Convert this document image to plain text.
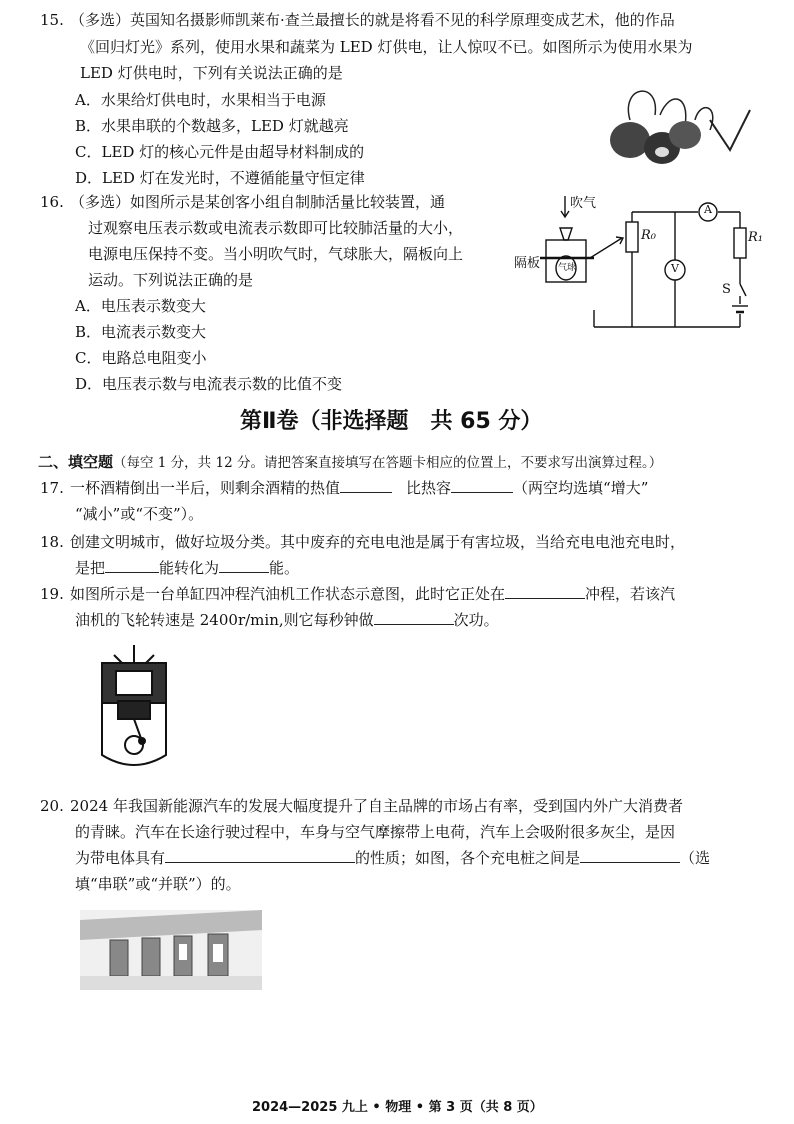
15. （多选）英国知名摄影师凯莱布·查兰最擅长的就是将看不见的科学原理变成艺术，他的作品
《回归灯光》系列，使用水果和蔬菜为 LED 灯供电，让人惊叹不已。如图所示为使用水果为
LED 灯供电时，下列有关说法正确的是
A．水果给灯供电时，水果相当于电源
B．水果串联的个数越多，LED 灯就越亮
C．LED 灯的核心元件是由超导材料制成的
D．LED 灯在发光时，不遵循能量守恒定律
16. （多选）如图所示是某创客小组自制肺活量比较装置，通
过观察电压表示数或电流表示数即可比较肺活量的大小，
电源电压保持不变。当小明吹气时，气球胀大，隔板向上
运动。下列说法正确的是
A．电压表示数变大
B．电流表示数变大
C．电路总电阻变小
D．电压表示数与电流表示数的比值不变
吹气
隔板 气球
R₀	R₁
A
V
S
第Ⅱ卷（非选择题　共 65 分）
二、填空题（每空 1 分，共 12 分。请把答案直接填写在答题卡相应的位置上，不要求写出演算过程。）
17. 一杯酒精倒出一半后，则剩余酒精的热值	比热容	（两空均选填“增大”
“减小”或“不变”）。
18. 创建文明城市，做好垃圾分类。其中废弃的充电电池是属于有害垃圾，当给充电电池充电时，
是把	能转化为	能。
19. 如图所示是一台单缸四冲程汽油机工作状态示意图，此时它正处在	冲程，若该汽
油机的飞轮转速是 2400r/min,则它每秒钟做	次功。
20. 2024 年我国新能源汽车的发展大幅度提升了自主品牌的市场占有率，受到国内外广大消费者
的青睐。汽车在长途行驶过程中，车身与空气摩擦带上电荷，汽车上会吸附很多灰尘，是因
为带电体具有	的性质；如图，各个充电桩之间是	（选
填“串联”或“并联”）的。
2024—2025 九上 • 物理 • 第 3 页（共 8 页）
